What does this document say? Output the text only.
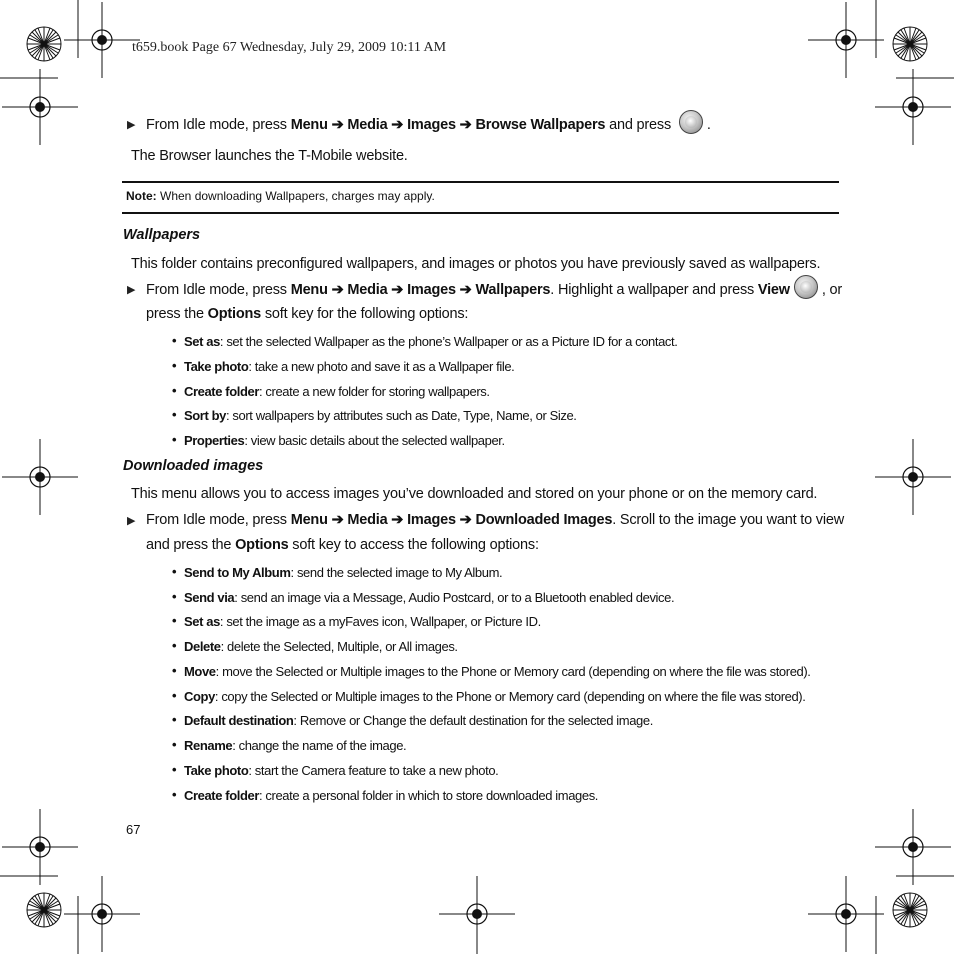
t659.book Page 67 Wednesday, July 29, 2009 10:11 AM
▶ From Idle mode, press Menu ➔ Media ➔ Images ➔ Browse Wallpapers and press .
The Browser launches the T-Mobile website.
Note: When downloading Wallpapers, charges may apply.
Wallpapers
This folder contains preconfigured wallpapers, and images or photos you have previously saved as wallpapers.
▶ From Idle mode, press Menu ➔ Media ➔ Images ➔ Wallpapers. Highlight a wallpaper and press View , or
press the Options soft key for the following options:
• Set as: set the selected Wallpaper as the phone’s Wallpaper or as a Picture ID for a contact.
• Take photo: take a new photo and save it as a Wallpaper file.
• Create folder: create a new folder for storing wallpapers.
• Sort by: sort wallpapers by attributes such as Date, Type, Name, or Size.
• Properties: view basic details about the selected wallpaper.
Downloaded images
This menu allows you to access images you’ve downloaded and stored on your phone or on the memory card.
▶ From Idle mode, press Menu ➔ Media ➔ Images ➔ Downloaded Images. Scroll to the image you want to view
and press the Options soft key to access the following options:
• Send to My Album: send the selected image to My Album.
• Send via: send an image via a Message, Audio Postcard, or to a Bluetooth enabled device.
• Set as: set the image as a myFaves icon, Wallpaper, or Picture ID.
• Delete: delete the Selected, Multiple, or All images.
• Move: move the Selected or Multiple images to the Phone or Memory card (depending on where the file was stored).
• Copy: copy the Selected or Multiple images to the Phone or Memory card (depending on where the file was stored).
• Default destination: Remove or Change the default destination for the selected image.
• Rename: change the name of the image.
• Take photo: start the Camera feature to take a new photo.
• Create folder: create a personal folder in which to store downloaded images.
67
